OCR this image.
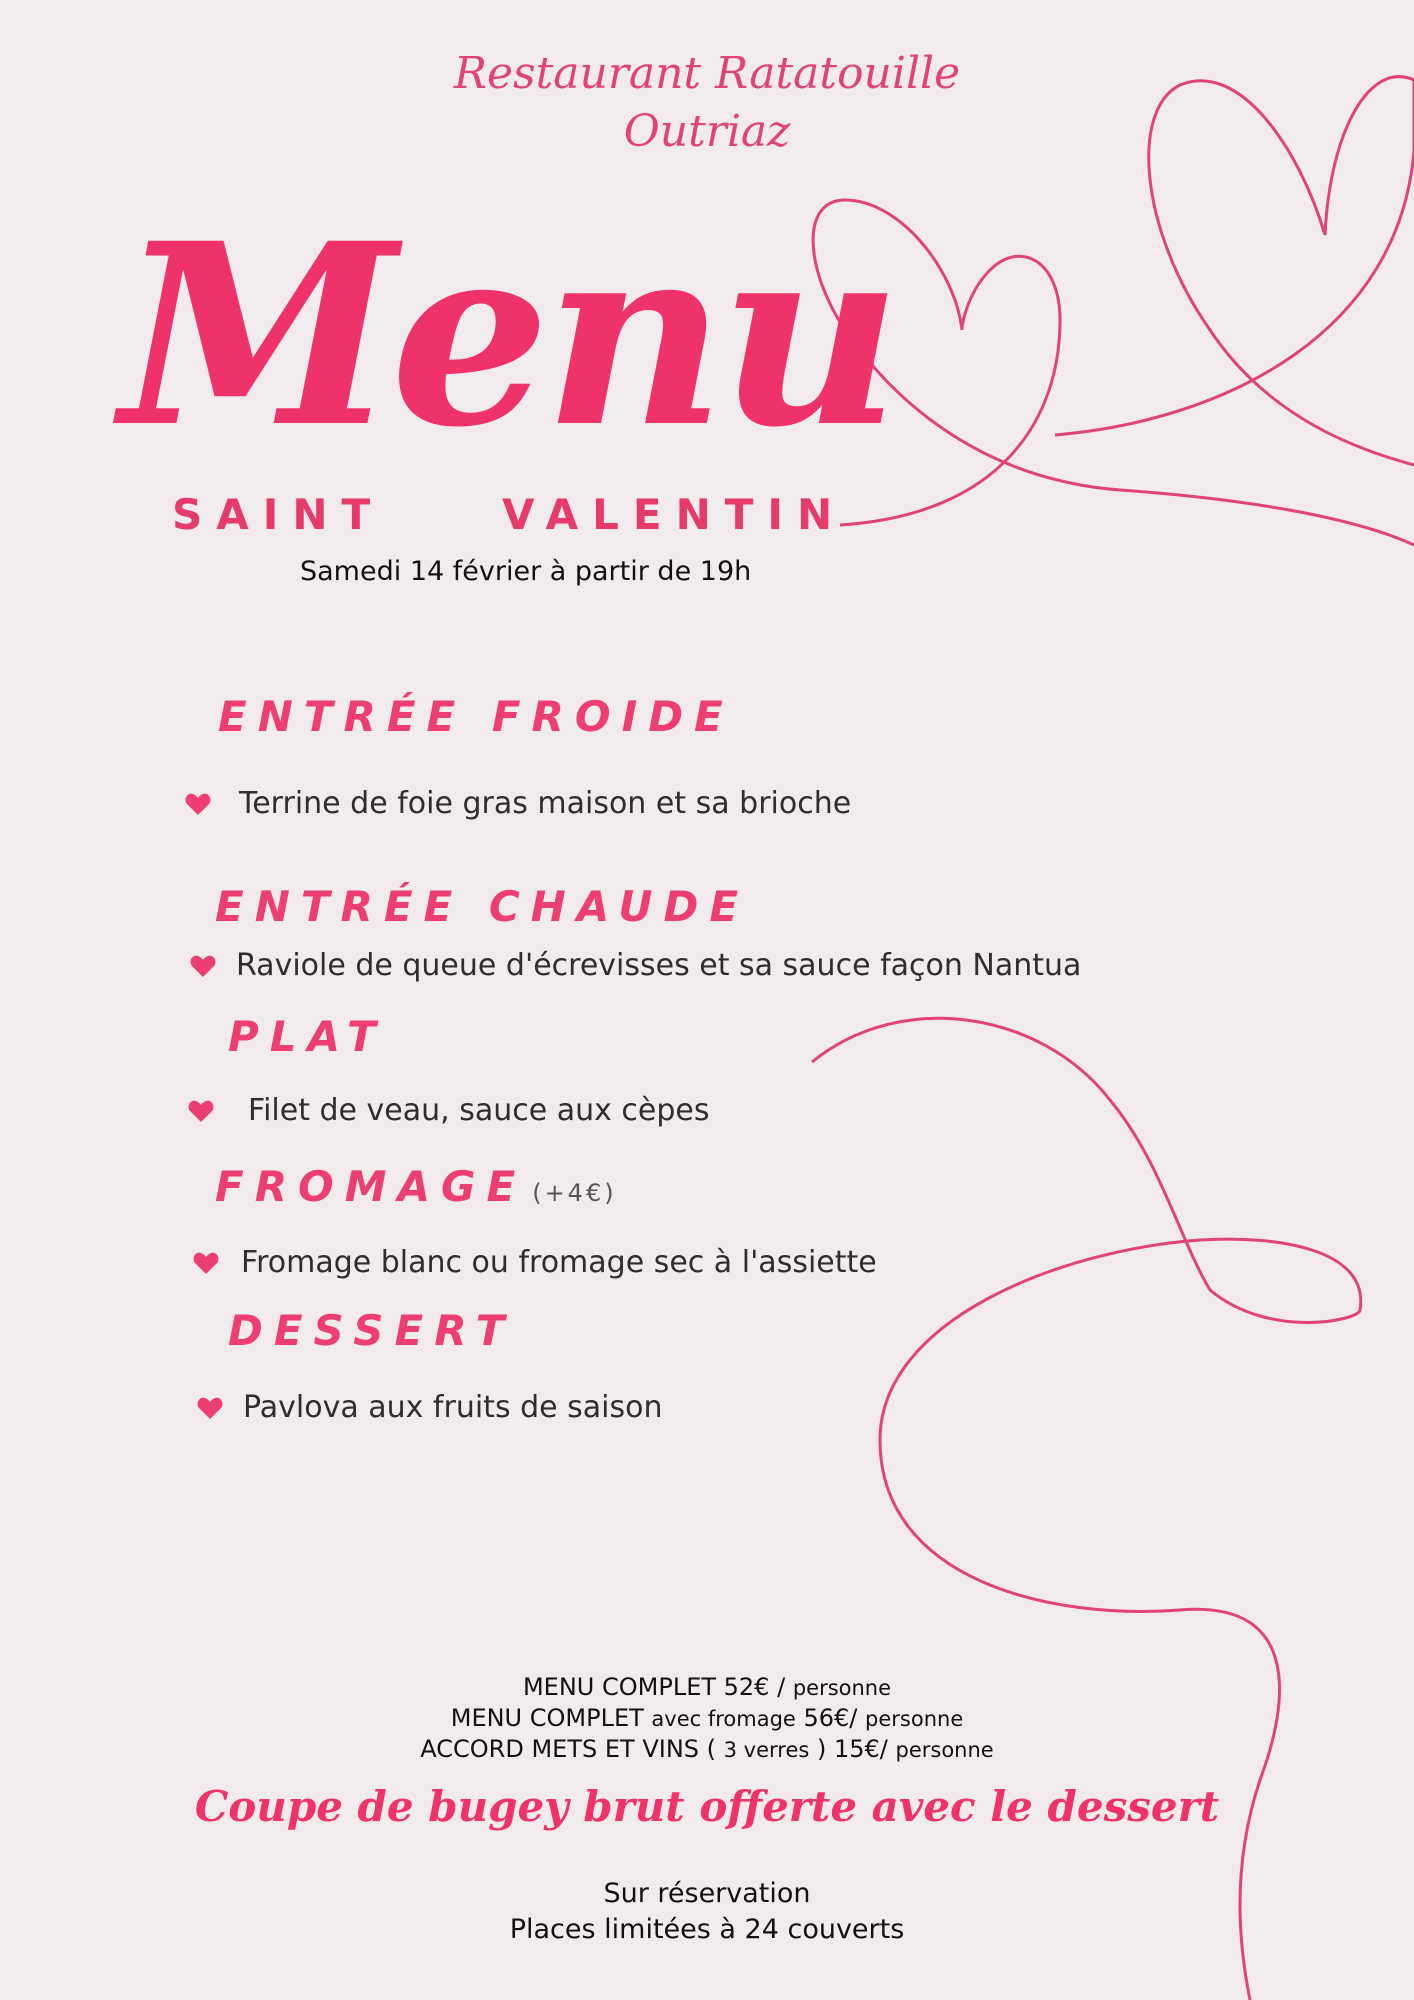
Restaurant Ratatouille
Outriaz
Menu
SAINT	VALENTIN
Samedi 14 février à partir de 19h
ENTRÉE FROIDE
Terrine de foie gras maison et sa brioche
ENTRÉE CHAUDE
Raviole de queue d'écrevisses et sa sauce façon Nantua
PLAT
Filet de veau, sauce aux cèpes
FROMAGE (+4€)
Fromage blanc ou fromage sec à l'assiette
DESSERT
Pavlova aux fruits de saison
MENU COMPLET 52€ / personne
MENU COMPLET avec fromage 56€/ personne
ACCORD METS ET VINS ( 3 verres ) 15€/ personne
Coupe de bugey brut offerte avec le dessert
Sur réservation
Places limitées à 24 couverts
